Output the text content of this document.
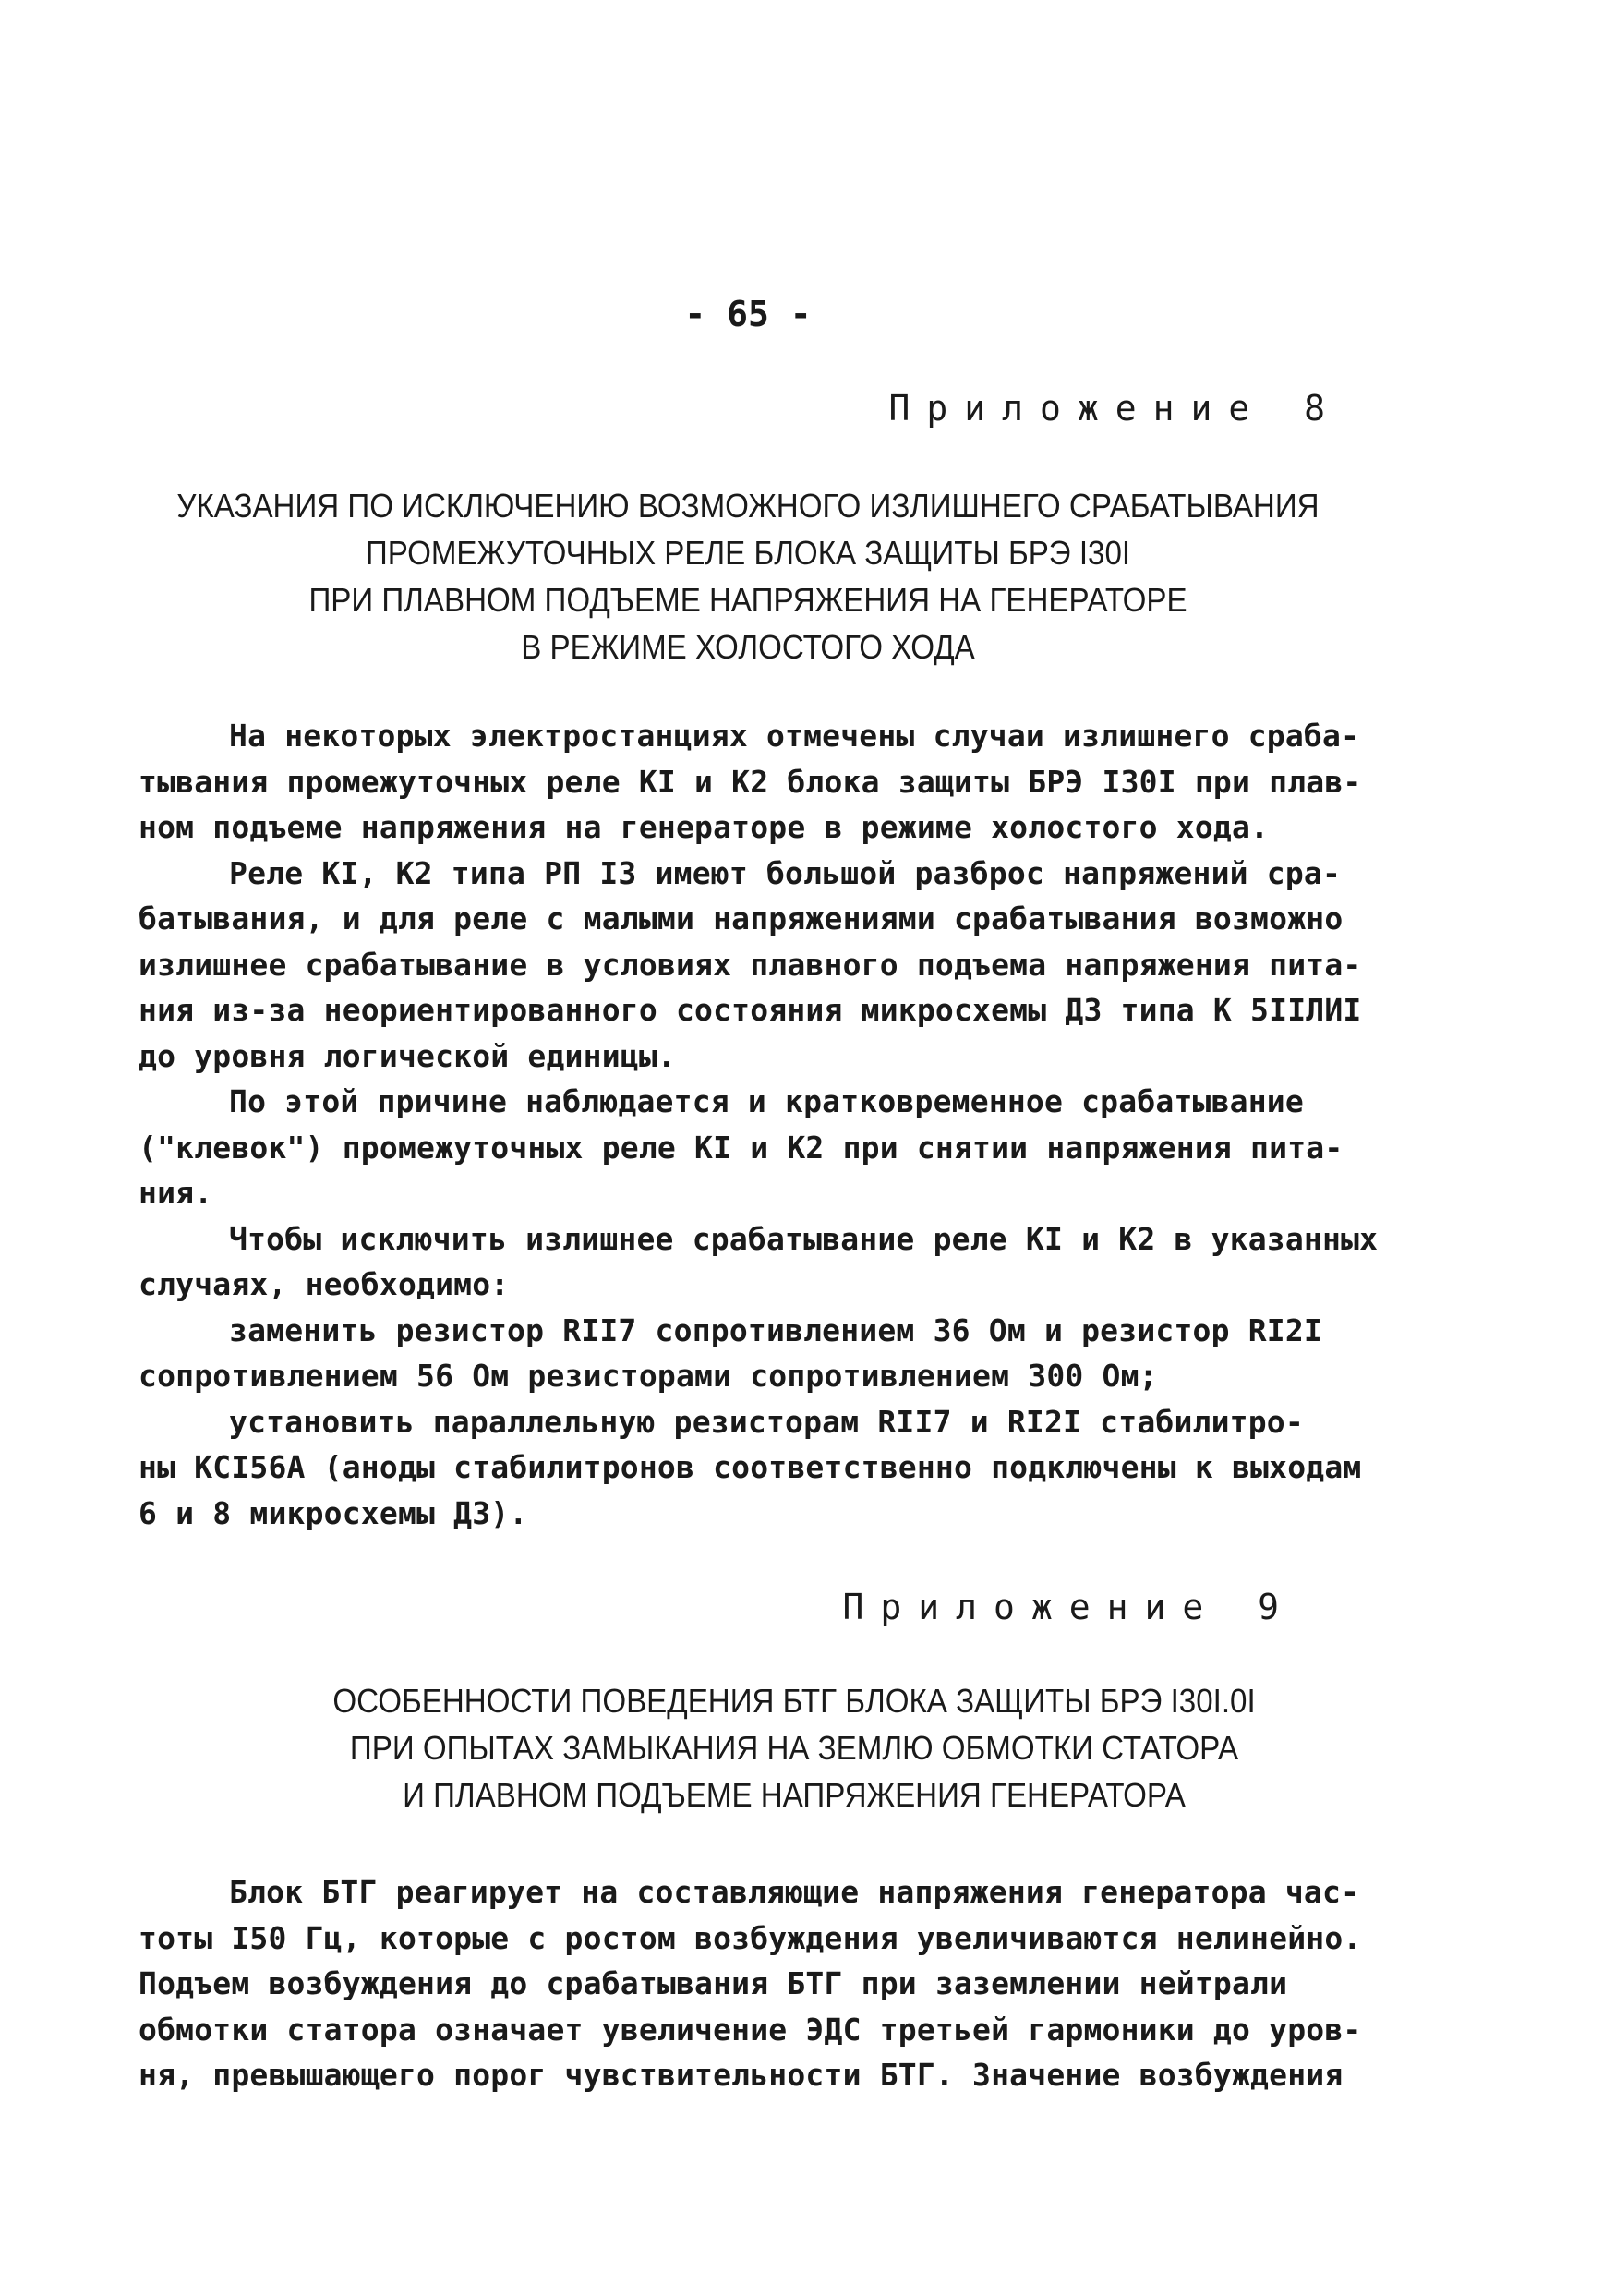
- 65 -
Приложение 8
УКАЗАНИЯ ПО ИСКЛЮЧЕНИЮ ВОЗМОЖНОГО ИЗЛИШНЕГО СРАБАТЫВАНИЯ
ПРОМЕЖУТОЧНЫХ РЕЛЕ БЛОКА ЗАЩИТЫ БРЭ I30I
ПРИ ПЛАВНОМ ПОДЪЕМЕ НАПРЯЖЕНИЯ НА ГЕНЕРАТОРЕ
В РЕЖИМЕ ХОЛОСТОГО ХОДА
На некоторых электростанциях отмечены случаи излишнего сраба-
тывания промежуточных реле КI и К2 блока защиты БРЭ I30I при плав-
ном подъеме напряжения на генераторе в режиме холостого хода.
Реле КI, К2 типа РП I3 имеют большой разброс напряжений сра-
батывания, и для реле с малыми напряжениями срабатывания возможно
излишнее срабатывание в условиях плавного подъема напряжения пита-
ния из-за неориентированного состояния микросхемы ДЗ типа К 5IIЛИI
до уровня логической единицы.
По этой причине наблюдается и кратковременное срабатывание
("клевок") промежуточных реле КI и К2 при снятии напряжения пита-
ния.
Чтобы исключить излишнее срабатывание реле КI и К2 в указанных
случаях, необходимо:
заменить резистор RII7 сопротивлением 36 Ом и резистор RI2I
сопротивлением 56 Ом резисторами сопротивлением 300 Ом;
установить параллельную резисторам RII7 и RI2I стабилитро-
ны КСI56А (аноды стабилитронов соответственно подключены к выходам
6 и 8 микросхемы ДЗ).
Приложение 9
ОСОБЕННОСТИ ПОВЕДЕНИЯ БТГ БЛОКА ЗАЩИТЫ БРЭ I30I.0I
ПРИ ОПЫТАХ ЗАМЫКАНИЯ НА ЗЕМЛЮ ОБМОТКИ СТАТОРА
И ПЛАВНОМ ПОДЪЕМЕ НАПРЯЖЕНИЯ ГЕНЕРАТОРА
Блок БТГ реагирует на составляющие напряжения генератора час-
тоты I50 Гц, которые с ростом возбуждения увеличиваются нелинейно.
Подъем возбуждения до срабатывания БТГ при заземлении нейтрали
обмотки статора означает увеличение ЭДС третьей гармоники до уров-
ня, превышающего порог чувствительности БТГ. Значение возбуждения
